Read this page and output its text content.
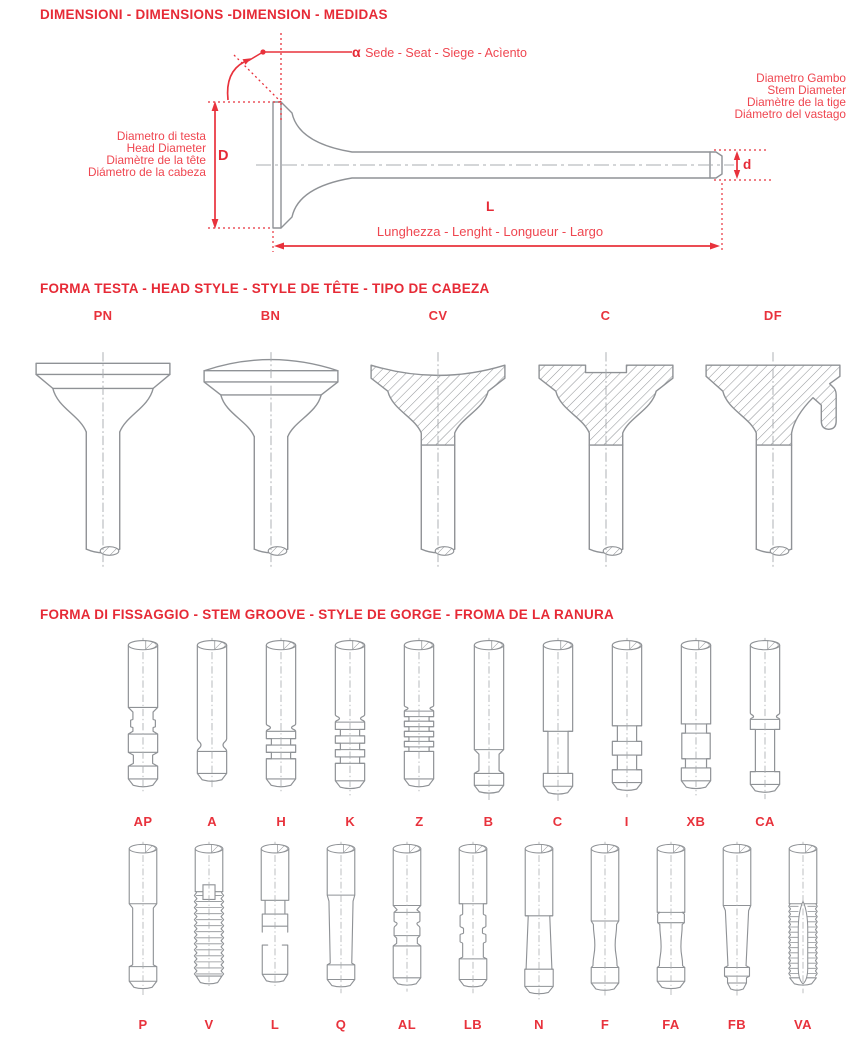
DIMENSIONI - DIMENSIONS -DIMENSION - MEDIDAS
α Sede - Seat - Siege - Acìento
Diametro Gambo
Stem Diameter
Diamètre de la tige
Diámetro del vastago
Diametro di testa
Head Diameter
Diamètre de la tête
Diámetro de la cabeza
D
d
L
Lunghezza - Lenght - Longueur - Largo
FORMA TESTA - HEAD STYLE - STYLE DE TÊTE - TIPO DE CABEZA
PN	BN	CV	C	DF
FORMA DI FISSAGGIO - STEM GROOVE - STYLE DE GORGE - FROMA DE LA RANURA
AP	A	H	K	Z	B	C	I	XB	CA
P	V	L	Q	AL	LB	N	F	FA	FB	VA
